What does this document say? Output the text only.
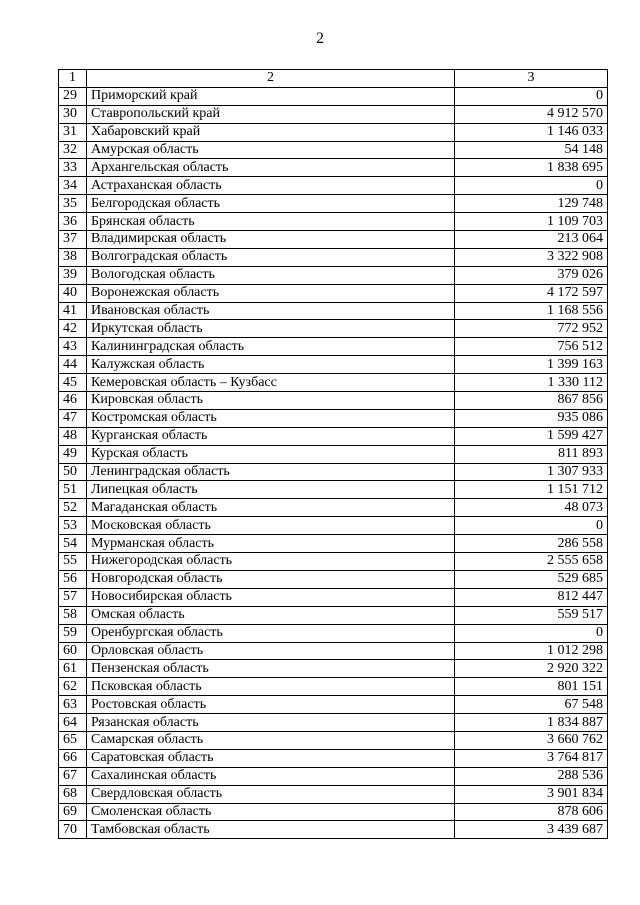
2
1	2	3
29	Приморский край	0
30	Ставропольский край	4 912 570
31	Хабаровский край	1 146 033
32	Амурская область	54 148
33	Архангельская область	1 838 695
34	Астраханская область	0
35	Белгородская область	129 748
36	Брянская область	1 109 703
37	Владимирская область	213 064
38	Волгоградская область	3 322 908
39	Вологодская область	379 026
40	Воронежская область	4 172 597
41	Ивановская область	1 168 556
42	Иркутская область	772 952
43	Калининградская область	756 512
44	Калужская область	1 399 163
45	Кемеровская область – Кузбасс	1 330 112
46	Кировская область	867 856
47	Костромская область	935 086
48	Курганская область	1 599 427
49	Курская область	811 893
50	Ленинградская область	1 307 933
51	Липецкая область	1 151 712
52	Магаданская область	48 073
53	Московская область	0
54	Мурманская область	286 558
55	Нижегородская область	2 555 658
56	Новгородская область	529 685
57	Новосибирская область	812 447
58	Омская область	559 517
59	Оренбургская область	0
60	Орловская область	1 012 298
61	Пензенская область	2 920 322
62	Псковская область	801 151
63	Ростовская область	67 548
64	Рязанская область	1 834 887
65	Самарская область	3 660 762
66	Саратовская область	3 764 817
67	Сахалинская область	288 536
68	Свердловская область	3 901 834
69	Смоленская область	878 606
70	Тамбовская область	3 439 687
